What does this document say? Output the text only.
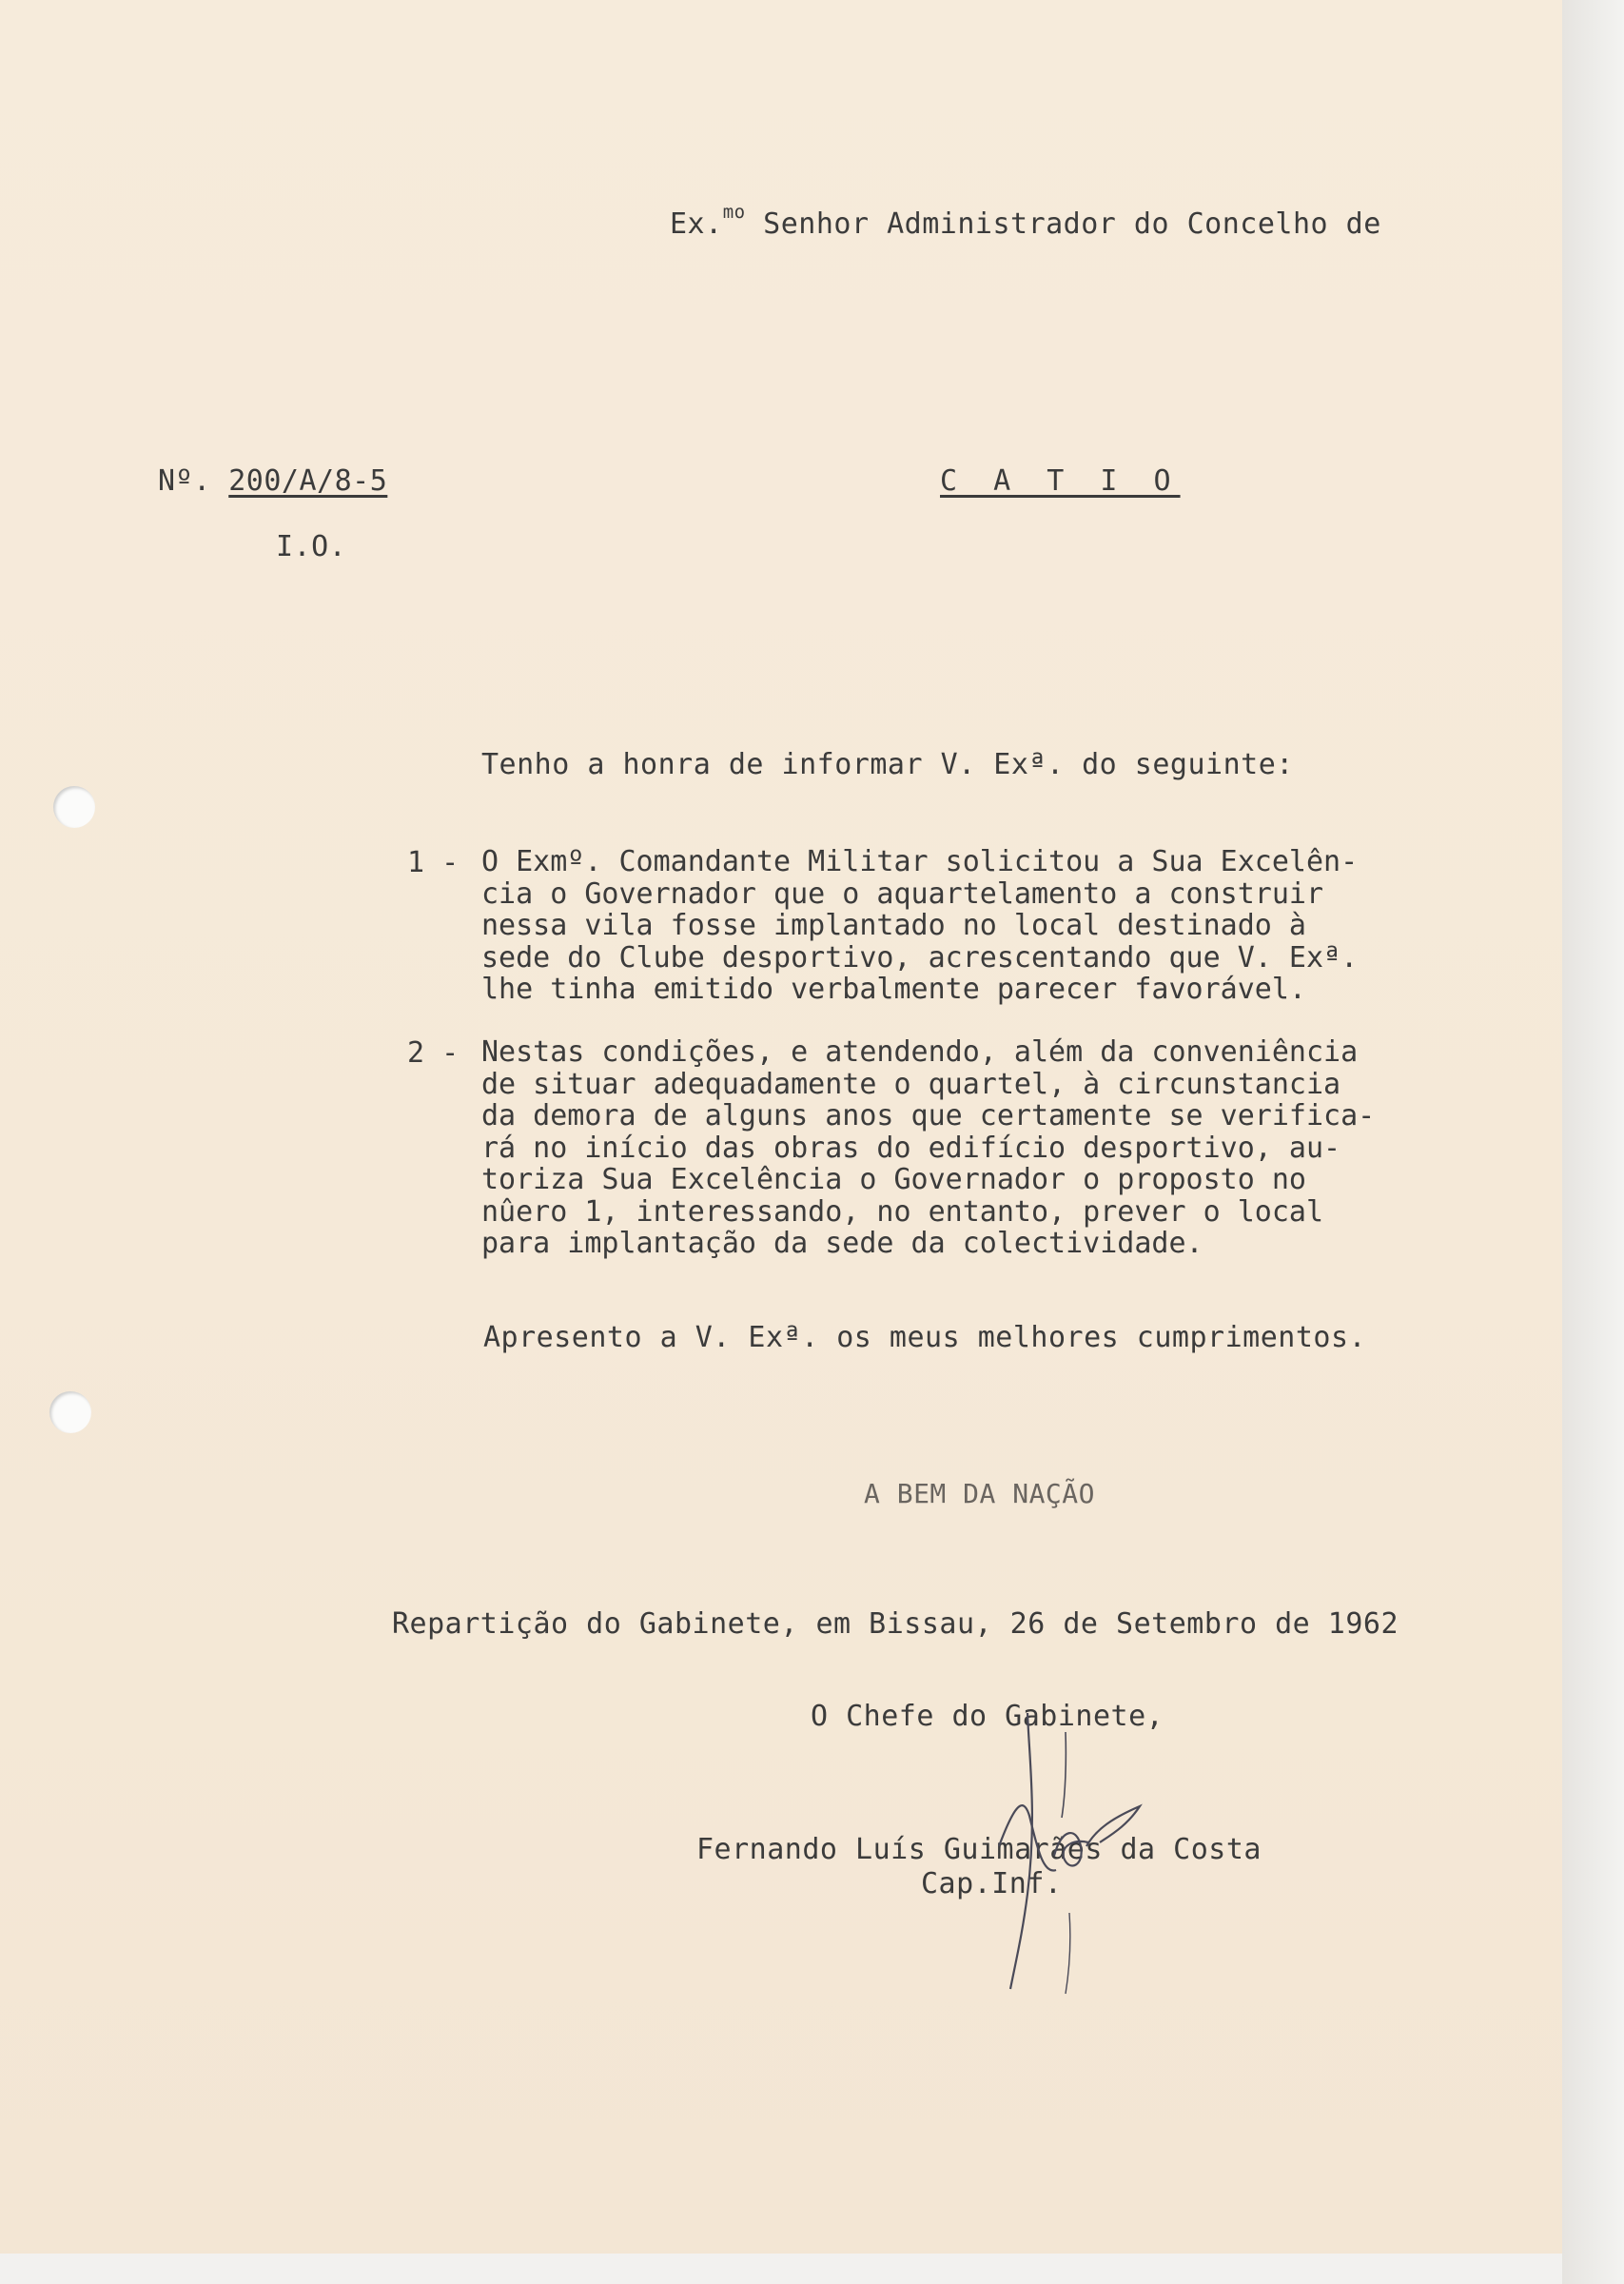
Ex.$^{mo}$ Senhor Administrador do Concelho de
Nº. 200/A/8-5
I.O.
C A T I O
Tenho a honra de informar V. Exª. do seguinte:
1 - O Exmº. Comandante Militar solicitou a Sua Excelên-
cia o Governador que o aquartelamento a construir
nessa vila fosse implantado no local destinado à
sede do Clube desportivo, acrescentando que V. Exª.
lhe tinha emitido verbalmente parecer favorável.
2 - Nestas condições, e atendendo, além da conveniência
de situar adequadamente o quartel, à circunstancia
da demora de alguns anos que certamente se verifica-
rá no início das obras do edifício desportivo, au-
toriza Sua Excelência o Governador o proposto no
nûero 1, interessando, no entanto, prever o local
para implantação da sede da colectividade.
Apresento a V. Exª. os meus melhores cumprimentos.
A BEM DA NAÇÃO
Repartição do Gabinete, em Bissau, 26 de Setembro de 1962
O Chefe do Gabinete,
Fernando Luís Guimarães da Costa
Cap.Inf.
